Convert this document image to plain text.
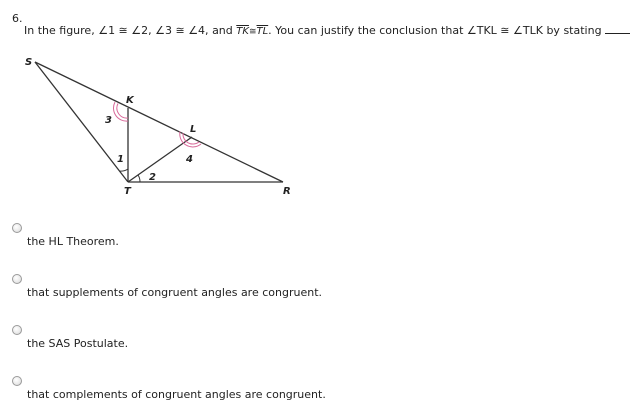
6.
In the figure, ∠1 ≅ ∠2, ∠3 ≅ ∠4, and $\overline{TK}≅\overline{TL}$. You can justify the conclusion that ∠TKL ≅ ∠TLK by stating
S
K
L
T	R
1
2
3
4
the HL Theorem.
that supplements of congruent angles are congruent.
the SAS Postulate.
that complements of congruent angles are congruent.
